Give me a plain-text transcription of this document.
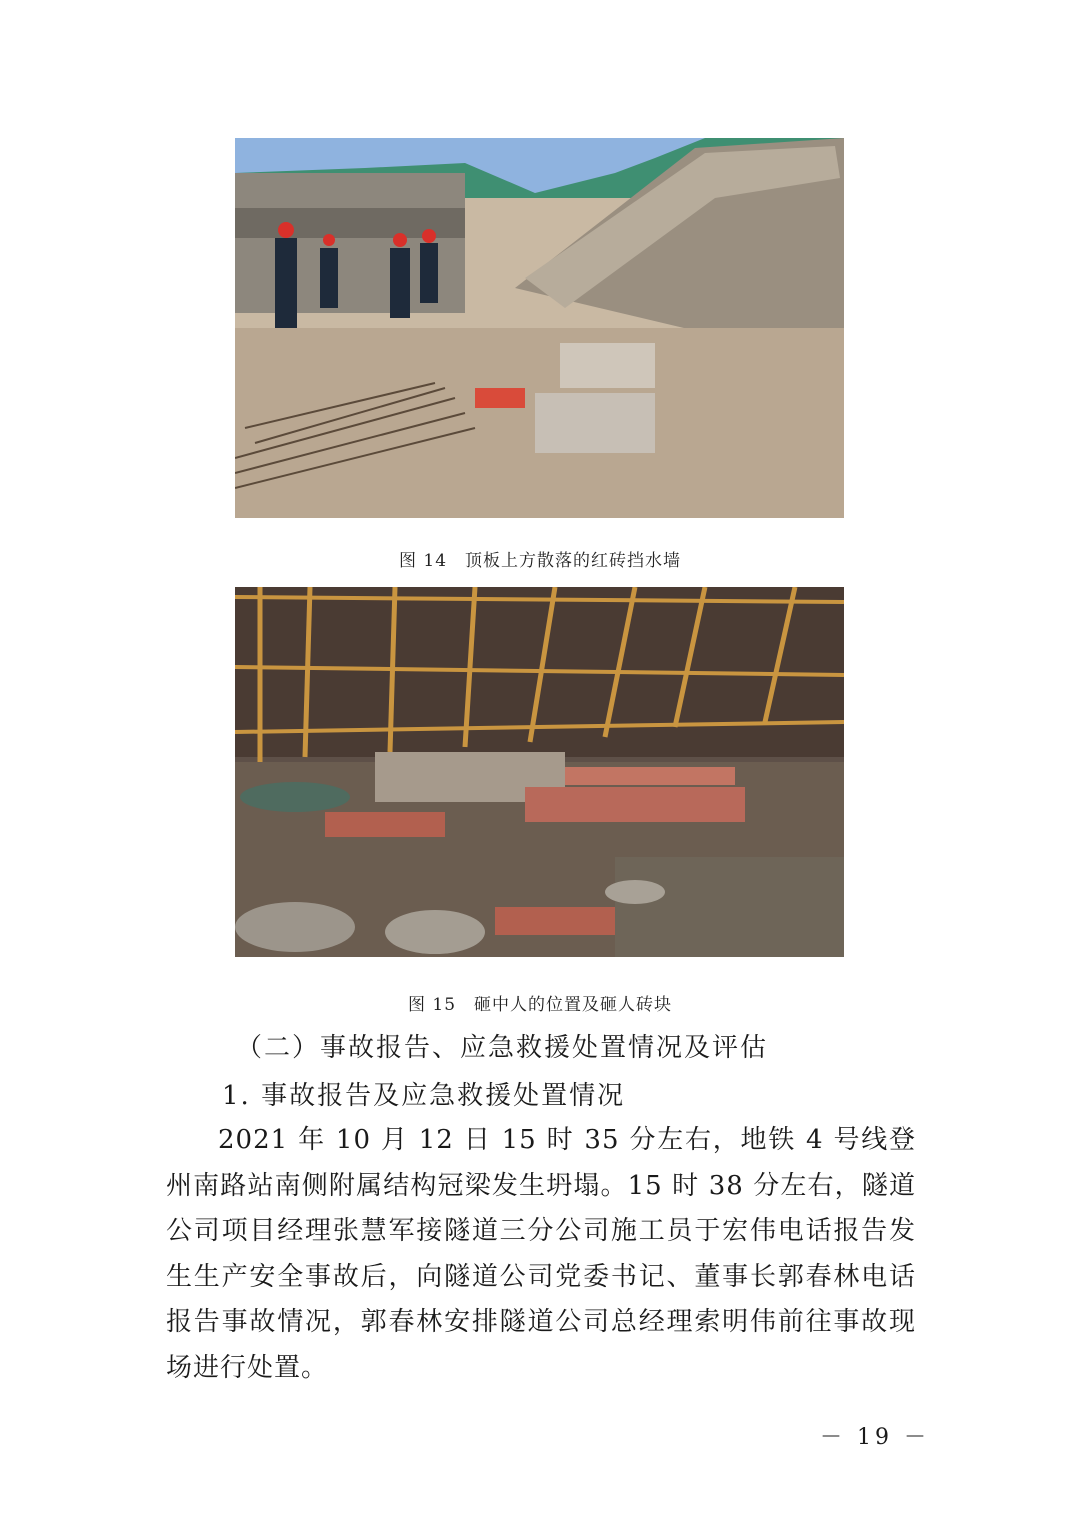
图 14　顶板上方散落的红砖挡水墙
图 15　砸中人的位置及砸人砖块
（二）事故报告、应急救援处置情况及评估
1. 事故报告及应急救援处置情况

2021 年 10 月 12 日 15 时 35 分左右，地铁 4 号线登州南路站南侧附属结构冠梁发生坍塌。15 时 38 分左右，隧道公司项目经理张慧军接隧道三分公司施工员于宏伟电话报告发生生产安全事故后，向隧道公司党委书记、董事长郭春林电话报告事故情况，郭春林安排隧道公司总经理索明伟前往事故现场进行处置。

－ 19 －
